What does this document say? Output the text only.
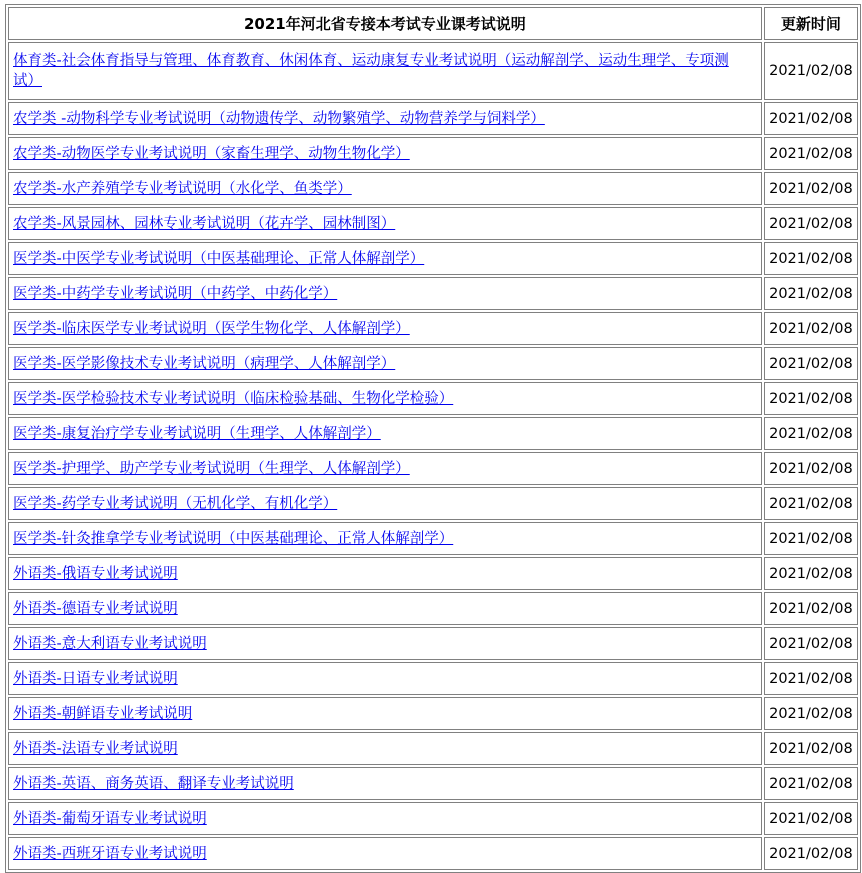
2021年河北省专接本考试专业课考试说明	更新时间
体育类-社会体育指导与管理、体育教育、休闲体育、运动康复专业考试说明（运动解剖学、运动生理学、专项测试）	2021/02/08
农学类 -动物科学专业考试说明（动物遗传学、动物繁殖学、动物营养学与饲料学）	2021/02/08
农学类-动物医学专业考试说明（家畜生理学、动物生物化学）	2021/02/08
农学类-水产养殖学专业考试说明（水化学、鱼类学）	2021/02/08
农学类-风景园林、园林专业考试说明（花卉学、园林制图）	2021/02/08
医学类-中医学专业考试说明（中医基础理论、正常人体解剖学）	2021/02/08
医学类-中药学专业考试说明（中药学、中药化学）	2021/02/08
医学类-临床医学专业考试说明（医学生物化学、人体解剖学）	2021/02/08
医学类-医学影像技术专业考试说明（病理学、人体解剖学）	2021/02/08
医学类-医学检验技术专业考试说明（临床检验基础、生物化学检验）	2021/02/08
医学类-康复治疗学专业考试说明（生理学、人体解剖学）	2021/02/08
医学类-护理学、助产学专业考试说明（生理学、人体解剖学）	2021/02/08
医学类-药学专业考试说明（无机化学、有机化学）	2021/02/08
医学类-针灸推拿学专业考试说明（中医基础理论、正常人体解剖学）	2021/02/08
外语类-俄语专业考试说明	2021/02/08
外语类-德语专业考试说明	2021/02/08
外语类-意大利语专业考试说明	2021/02/08
外语类-日语专业考试说明	2021/02/08
外语类-朝鲜语专业考试说明	2021/02/08
外语类-法语专业考试说明	2021/02/08
外语类-英语、商务英语、翻译专业考试说明	2021/02/08
外语类-葡萄牙语专业考试说明	2021/02/08
外语类-西班牙语专业考试说明	2021/02/08
